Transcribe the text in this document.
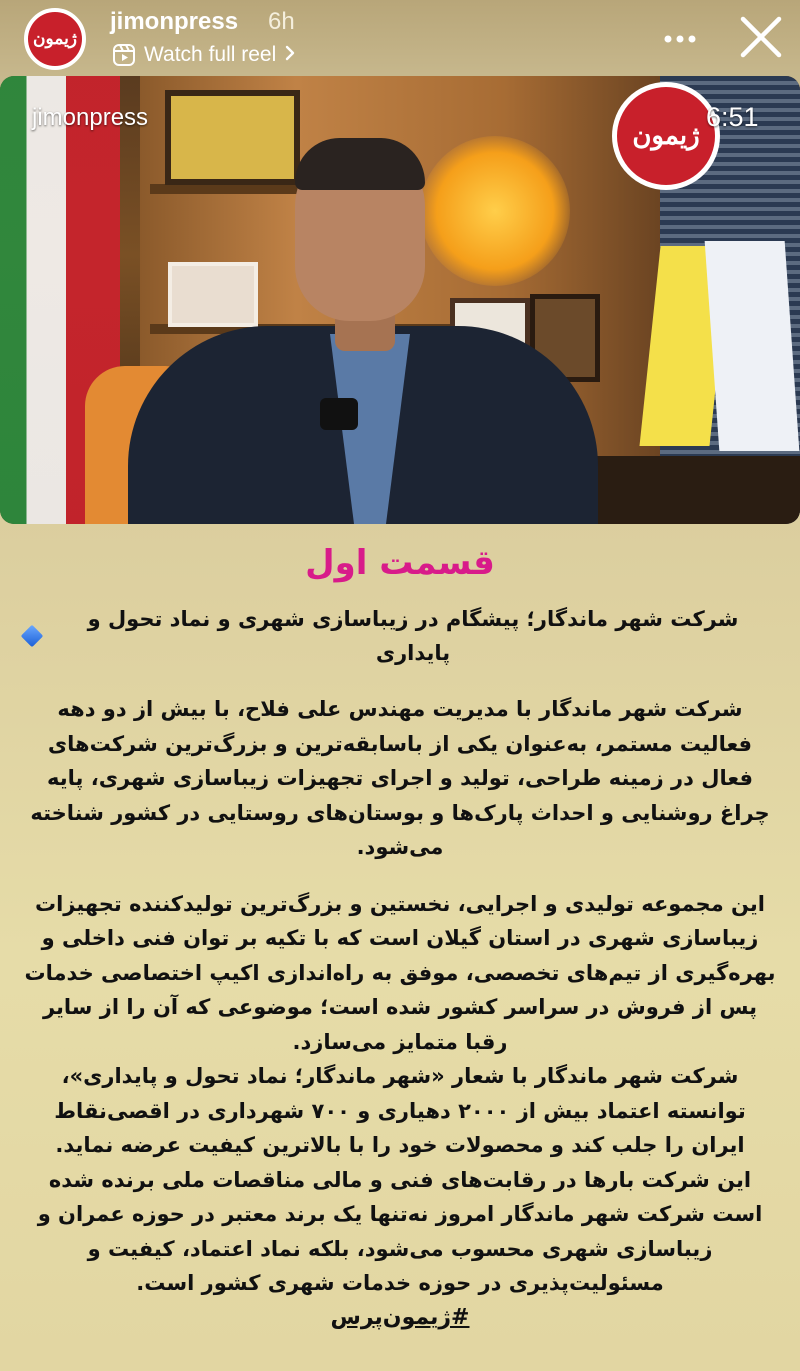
ژیمون
jimonpress 6h
Watch full reel
jimonpress
ژیمون
6:51
قسمت اول
شرکت شهر ماندگار؛ پیشگام در زیباسازی شهری و نماد تحول و پایداری

شرکت شهر ماندگار با مدیریت مهندس علی فلاح، با بیش از دو دهه فعالیت مستمر، به‌عنوان یکی از باسابقه‌ترین و بزرگ‌ترین شرکت‌های فعال در زمینه طراحی، تولید و اجرای تجهیزات زیباسازی شهری، پایه چراغ روشنایی و احداث پارک‌ها و بوستان‌های روستایی در کشور شناخته می‌شود.

این مجموعه تولیدی و اجرایی، نخستین و بزرگ‌ترین تولیدکننده تجهیزات زیباسازی شهری در استان گیلان است که با تکیه بر توان فنی داخلی و بهره‌گیری از تیم‌های تخصصی، موفق به راه‌اندازی اکیپ اختصاصی خدمات پس از فروش در سراسر کشور شده است؛ موضوعی که آن را از سایر رقبا متمایز می‌سازد.

شرکت شهر ماندگار با شعار «شهر ماندگار؛ نماد تحول و پایداری»، توانسته اعتماد بیش از ۲۰۰۰ دهیاری و ۷۰۰ شهرداری در اقصی‌نقاط ایران را جلب کند و محصولات خود را با بالاترین کیفیت عرضه نماید.

این شرکت بارها در رقابت‌های فنی و مالی مناقصات ملی برنده شده است شرکت شهر ماندگار امروز نه‌تنها یک برند معتبر در حوزه عمران و زیباسازی شهری محسوب می‌شود، بلکه نماد اعتماد، کیفیت و مسئولیت‌پذیری در حوزه خدمات شهری کشور است.

#ژیمون‌پرس
